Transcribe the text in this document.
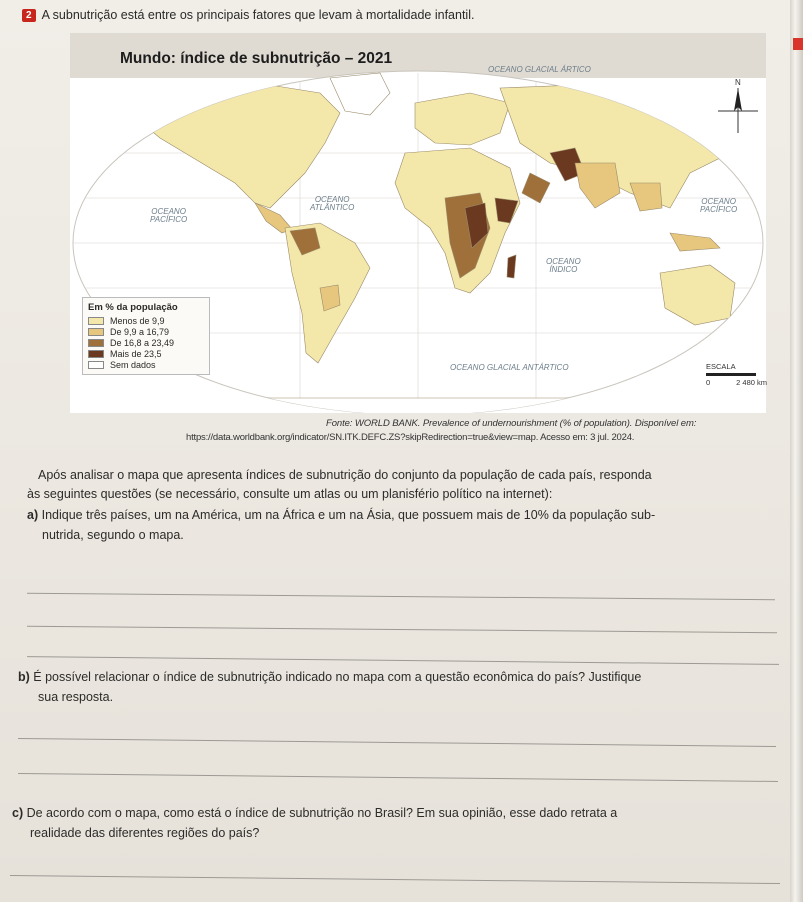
2 A subnutrição está entre os principais fatores que levam à mortalidade infantil.
N
Mundo: índice de subnutrição – 2021
OCEANO GLACIAL ÁRTICO
OCEANO
PACÍFICO
OCEANO
ATLÂNTICO
OCEANO
PACÍFICO
OCEANO
ÍNDICO
OCEANO GLACIAL ANTÁRTICO
Em % da população
Menos de 9,9
De 9,9 a 16,79
De 16,8 a 23,49
Mais de 23,5
Sem dados	ESCALA
0	2 480 km
Fonte: WORLD BANK. Prevalence of undernourishment (% of population). Disponível em:
https://data.worldbank.org/indicator/SN.ITK.DEFC.ZS?skipRedirection=true&view=map. Acesso em: 3 jul. 2024.
Após analisar o mapa que apresenta índices de subnutrição do conjunto da população de cada país, responda
às seguintes questões (se necessário, consulte um atlas ou um planisfério político na internet):
a) Indique três países, um na América, um na África e um na Ásia, que possuem mais de 10% da população sub-
nutrida, segundo o mapa.
b) É possível relacionar o índice de subnutrição indicado no mapa com a questão econômica do país? Justifique
sua resposta.
c) De acordo com o mapa, como está o índice de subnutrição no Brasil? Em sua opinião, esse dado retrata a
realidade das diferentes regiões do país?
